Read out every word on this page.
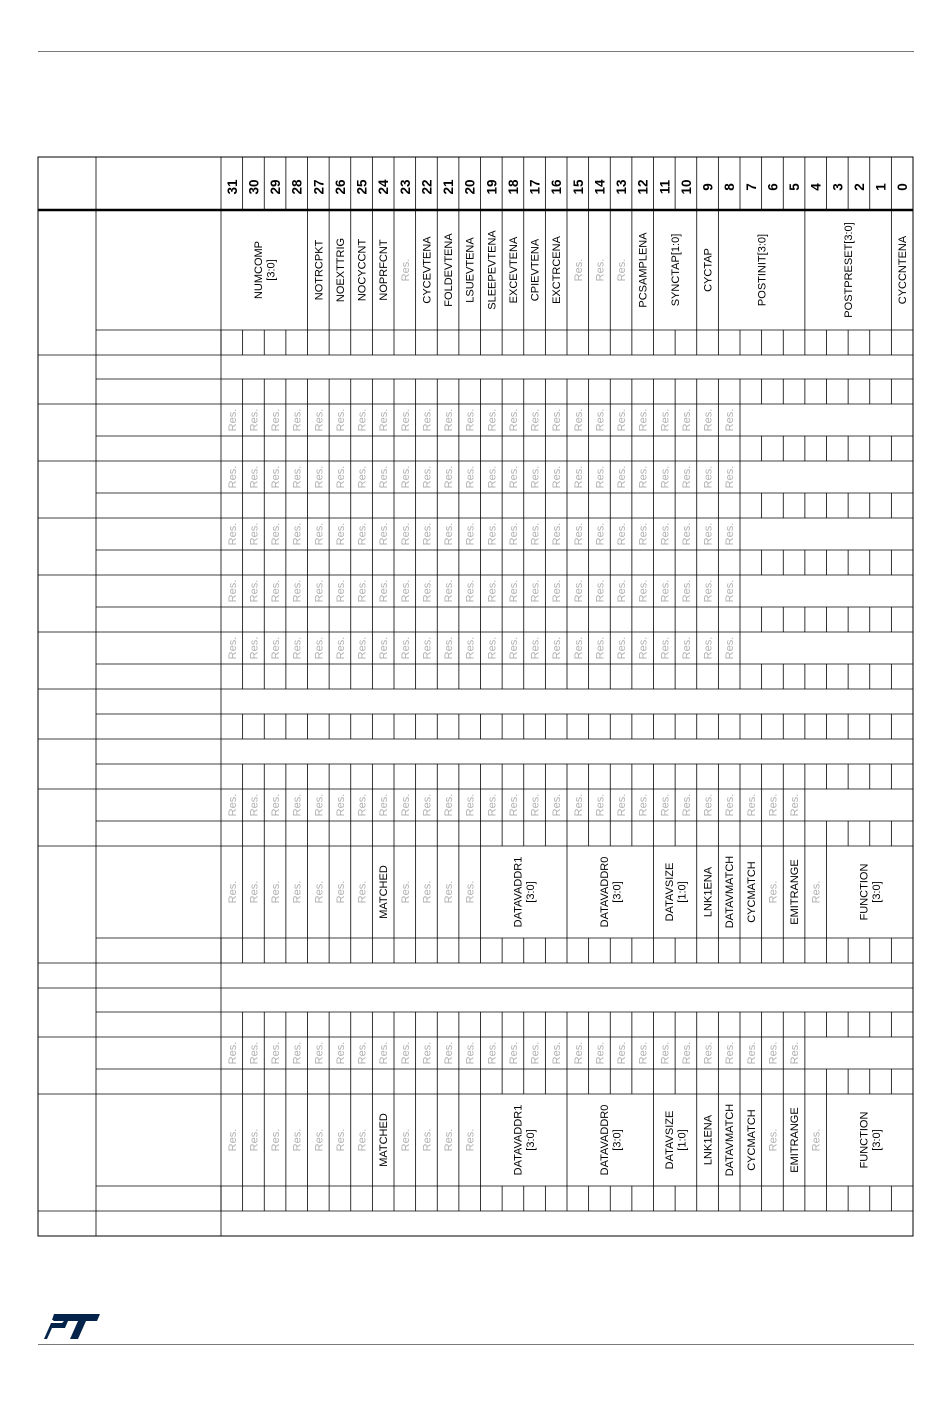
31 30 29 28 27 26 25 24 23 22 21 20 19 18 17 16 15 14 13 12 11 10 9 8 7 6 5 4 3 2 1 0
NUMCOMP [3:0]	NOTRCPKT NOEXTTRIG NOCYCCNT NOPRFCNT Res. CYCEVTENA FOLDEVTENA LSUEVTENA SLEEPEVTENA EXCEVTENA CPIEVTENA EXCTRCENA Res. Res. Res. PCSAMPLENA SYNCTAP[1:0] CYCTAP	POSTINIT[3:0]	POSTPRESET[3:0]	CYCCNTENA
Res. Res. Res. Res. Res. Res. Res. Res. Res. Res. Res. Res. Res. Res. Res. Res. Res. Res. Res. Res. Res. Res. Res. Res.
Res. Res. Res. Res. Res. Res. Res. Res. Res. Res. Res. Res. Res. Res. Res. Res. Res. Res. Res. Res. Res. Res. Res. Res.
Res. Res. Res. Res. Res. Res. Res. Res. Res. Res. Res. Res. Res. Res. Res. Res. Res. Res. Res. Res. Res. Res. Res. Res.
Res. Res. Res. Res. Res. Res. Res. Res. Res. Res. Res. Res. Res. Res. Res. Res. Res. Res. Res. Res. Res. Res. Res. Res.
Res. Res. Res. Res. Res. Res. Res. Res. Res. Res. Res. Res. Res. Res. Res. Res. Res. Res. Res. Res. Res. Res. Res. Res.
Res. Res. Res. Res. Res. Res. Res. Res. Res. Res. Res. Res. Res. Res. Res. Res. Res. Res. Res. Res. Res. Res. Res. Res. Res. Res. Res.
Res. Res. Res. Res. Res. Res. Res. MATCHED Res. Res. Res. Res.	DATAVADDR1 [3:0]	DATAVADDR0 [3:0]	DATAVSIZE [1:0] LNK1ENA DATAVMATCH CYCMATCH Res. EMITRANGE Res.	FUNCTION [3:0]
Res. Res. Res. Res. Res. Res. Res. Res. Res. Res. Res. Res. Res. Res. Res. Res. Res. Res. Res. Res. Res. Res. Res. Res. Res. Res. Res.
Res. Res. Res. Res. Res. Res. Res. MATCHED Res. Res. Res. Res.	DATAVADDR1 [3:0]	DATAVADDR0 [3:0]	DATAVSIZE [1:0] LNK1ENA DATAVMATCH CYCMATCH Res. EMITRANGE Res.	FUNCTION [3:0]
